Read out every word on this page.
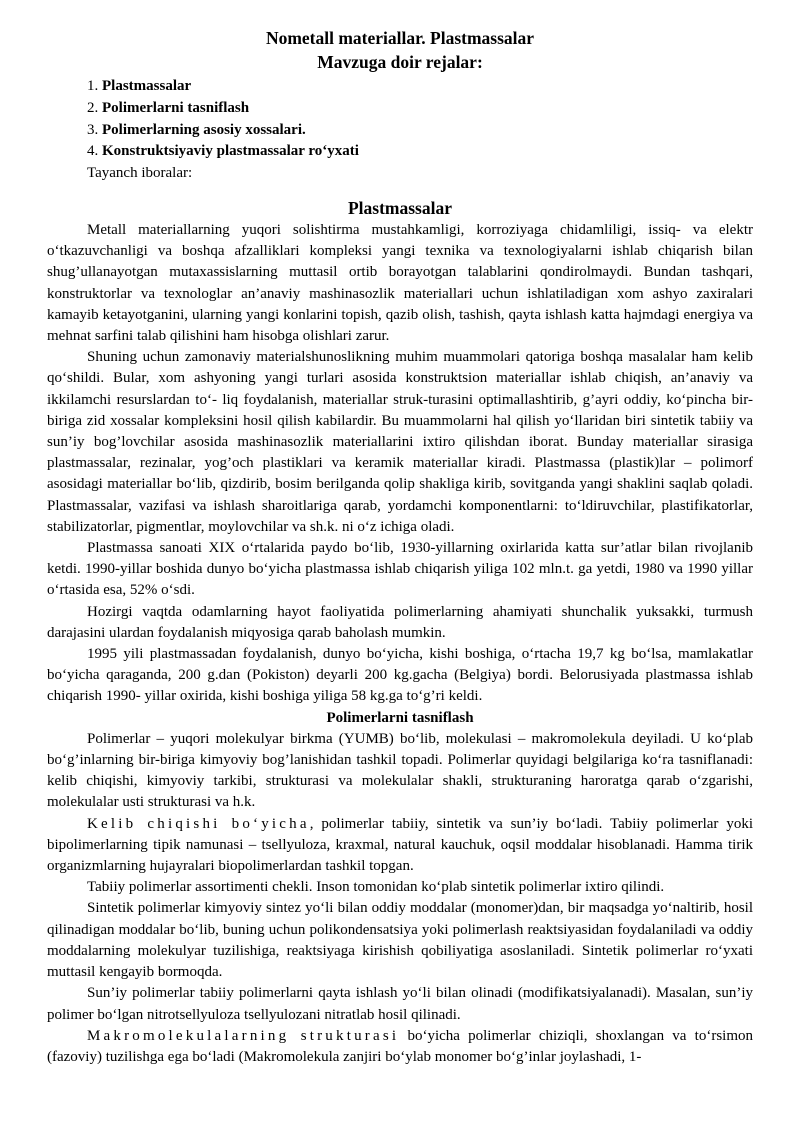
Nometall materiallar. Plastmassalar
Mavzuga doir rejalar:
1. Plastmassalar
2. Polimerlarni tasniflash
3. Polimerlarning asosiy xossalari.
4. Konstruktsiyaviy plastmassalar ro‘yxati
Tayanch iboralar:
Plastmassalar

Metall materiallarning yuqori solishtirma mustahkamligi, korroziyaga chidamliligi, issiq- va elektr o‘tkazuvchanligi va boshqa afzalliklari kompleksi yangi texnika va texnologiyalarni ishlab chiqarish bilan shug’ullanayotgan mutaxassislarning muttasil ortib borayotgan talablarini qondirolmaydi. Bundan tashqari, konstruktorlar va texnologlar an’anaviy mashinasozlik materiallari uchun ishlatiladigan xom ashyo zaxiralari kamayib ketayotganini, ularning yangi konlarini topish, qazib olish, tashish, qayta ishlash katta hajmdagi energiya va mehnat sarfini talab qilishini ham hisobga olishlari zarur.

Shuning uchun zamonaviy materialshunoslikning muhim muammolari qatoriga boshqa masalalar ham kelib qo‘shildi. Bular, xom ashyoning yangi turlari asosida konstruktsion materiallar ishlab chiqish, an’anaviy va ikkilamchi resurslardan to‘- liq foydalanish, materiallar struk-turasini optimallashtirib, g’ayri oddiy, ko‘pincha bir-biriga zid xossalar kompleksini hosil qilish kabilardir. Bu muammolarni hal qilish yo‘llaridan biri sintetik tabiiy va sun’iy bog’lovchilar asosida mashinasozlik materiallarini ixtiro qilishdan iborat. Bunday materiallar sirasiga plastmassalar, rezinalar, yog’och plastiklari va keramik materiallar kiradi. Plastmassa (plastik)lar – polimorf asosidagi materiallar bo‘lib, qizdirib, bosim berilganda qolip shakliga kirib, sovitganda yangi shaklini saqlab qoladi. Plastmassalar, vazifasi va ishlash sharoitlariga qarab, yordamchi komponentlarni: to‘ldiruvchilar, plastifikatorlar, stabilizatorlar, pigmentlar, moylovchilar va sh.k. ni o‘z ichiga oladi.

Plastmassa sanoati XIX o‘rtalarida paydo bo‘lib, 1930-yillarning oxirlarida katta sur’atlar bilan rivojlanib ketdi. 1990-yillar boshida dunyo bo‘yicha plastmassa ishlab chiqarish yiliga 102 mln.t. ga yetdi, 1980 va 1990 yillar o‘rtasida esa, 52% o‘sdi.

Hozirgi vaqtda odamlarning hayot faoliyatida polimerlarning ahamiyati shunchalik yuksakki, turmush darajasini ulardan foydalanish miqyosiga qarab baholash mumkin.

1995 yili plastmassadan foydalanish, dunyo bo‘yicha, kishi boshiga, o‘rtacha 19,7 kg bo‘lsa, mamlakatlar bo‘yicha qaraganda, 200 g.dan (Pokiston) deyarli 200 kg.gacha (Belgiya) bordi. Belorusiyada plastmassa ishlab chiqarish 1990- yillar oxirida, kishi boshiga yiliga 58 kg.ga to‘g’ri keldi.

Polimerlarni tasniflash

Polimerlar – yuqori molekulyar birkma (YUMB) bo‘lib, molekulasi – makromolekula deyiladi. U ko‘plab bo‘g’inlarning bir-biriga kimyoviy bog’lanishidan tashkil topadi. Polimerlar quyidagi belgilariga ko‘ra tasniflanadi: kelib chiqishi, kimyoviy tarkibi, strukturasi va molekulalar shakli, strukturaning haroratga qarab o‘zgarishi, molekulalar usti strukturasi va h.k.

Kelib chiqishi bo‘yicha, polimerlar tabiiy, sintetik va sun’iy bo‘ladi. Tabiiy polimerlar yoki bipolimerlarning tipik namunasi – tsellyuloza, kraxmal, natural kauchuk, oqsil moddalar hisoblanadi. Hamma tirik organizmlarning hujayralari biopolimerlardan tashkil topgan.

Tabiiy polimerlar assortimenti chekli. Inson tomonidan ko‘plab sintetik polimerlar ixtiro qilindi.

Sintetik polimerlar kimyoviy sintez yo‘li bilan oddiy moddalar (monomer)dan, bir maqsadga yo‘naltirib, hosil qilinadigan moddalar bo‘lib, buning uchun polikondensatsiya yoki polimerlash reaktsiyasidan foydalaniladi va oddiy moddalarning molekulyar tuzilishiga, reaktsiyaga kirishish qobiliyatiga asoslaniladi. Sintetik polimerlar ro‘yxati muttasil kengayib bormoqda.

Sun’iy polimerlar tabiiy polimerlarni qayta ishlash yo‘li bilan olinadi (modifikatsiyalanadi). Masalan, sun’iy polimer bo‘lgan nitrotsellyuloza tsellyulozani nitratlab hosil qilinadi.

Makromolekulalarning strukturasi bo‘yicha polimerlar chiziqli, shoxlangan va to‘rsimon (fazoviy) tuzilishga ega bo‘ladi (Makromolekula zanjiri bo‘ylab monomer bo‘g’inlar joylashadi, 1-
